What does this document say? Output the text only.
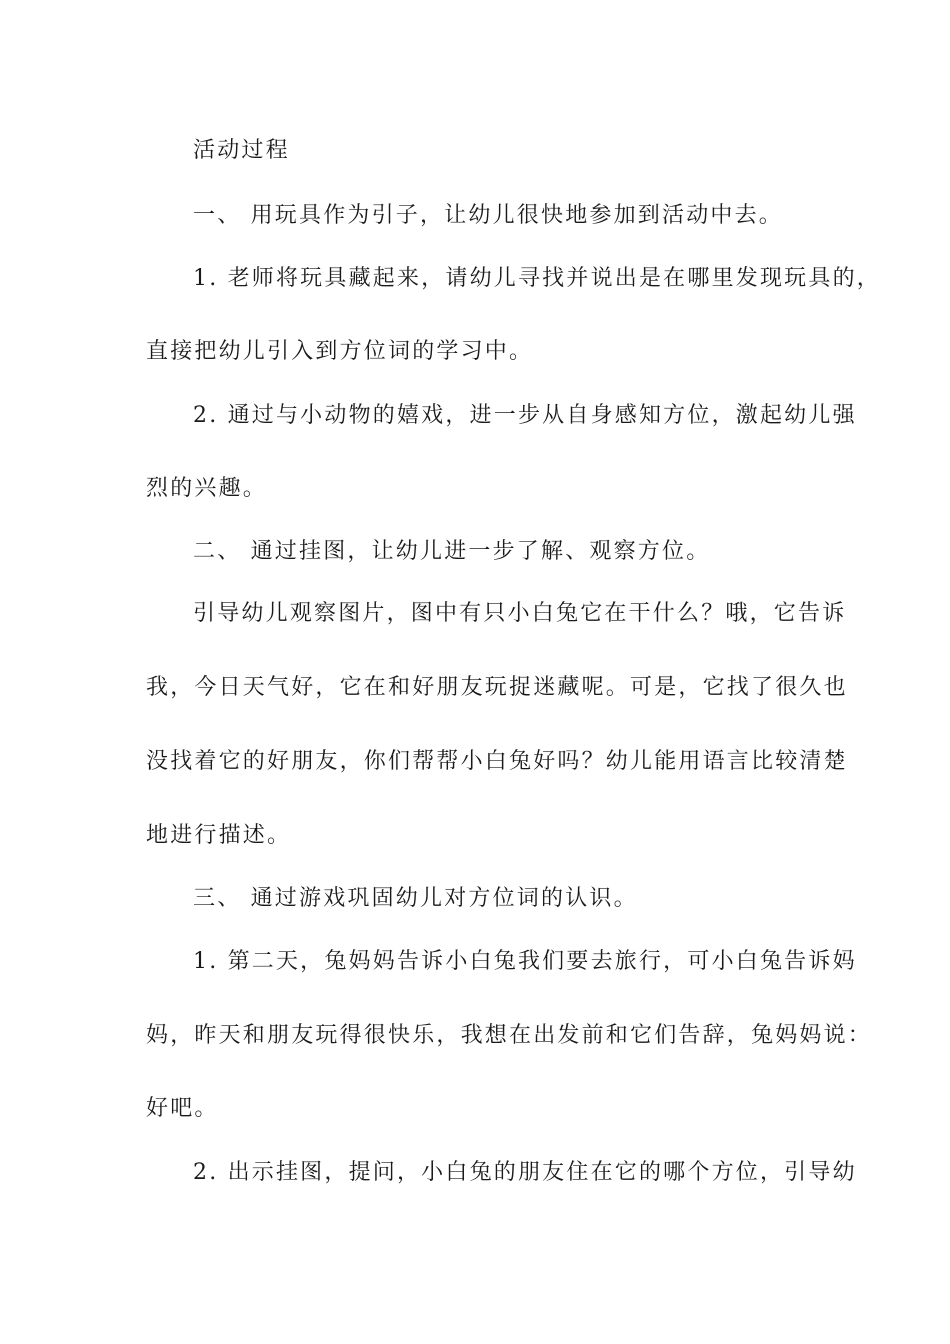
活动过程
一、 用玩具作为引子，让幼儿很快地参加到活动中去。
1. 老师将玩具藏起来，请幼儿寻找并说出是在哪里发现玩具的，
直接把幼儿引入到方位词的学习中。
2. 通过与小动物的嬉戏，进一步从自身感知方位，激起幼儿强
烈的兴趣。
二、 通过挂图，让幼儿进一步了解、观察方位。
引导幼儿观察图片，图中有只小白兔它在干什么？哦，它告诉
我，今日天气好，它在和好朋友玩捉迷藏呢。可是，它找了很久也
没找着它的好朋友，你们帮帮小白兔好吗？幼儿能用语言比较清楚
地进行描述。
三、 通过游戏巩固幼儿对方位词的认识。
1. 第二天，兔妈妈告诉小白兔我们要去旅行，可小白兔告诉妈
妈，昨天和朋友玩得很快乐，我想在出发前和它们告辞，兔妈妈说：
好吧。
2. 出示挂图，提问，小白兔的朋友住在它的哪个方位，引导幼
